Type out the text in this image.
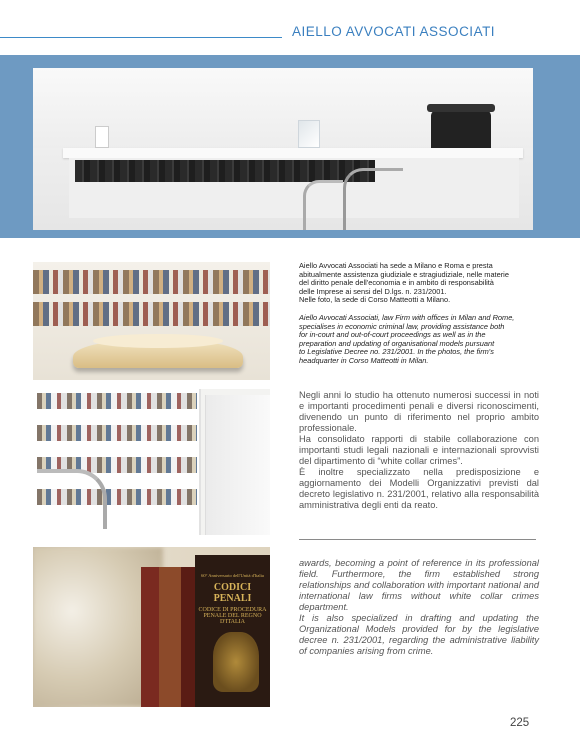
AIELLO AVVOCATI ASSOCIATI
60° Anniversario dell'Unità d'Italia
CODICI PENALI
CODICE DI PROCEDURA PENALE DEL REGNO D'ITALIA
Aiello Avvocati Associati ha sede a Milano e Roma e presta
abitualmente assistenza giudiziale e stragiudiziale, nelle materie
del diritto penale dell'economia e in ambito di responsabilità
delle Imprese ai sensi del D.lgs. n. 231/2001.
Nelle foto, la sede di Corso Matteotti a Milano.
Aiello Avvocati Associati, law Firm with offices in Milan and Rome,
specialises in economic criminal law, providing assistance both
for in-court and out-of-court proceedings as well as in the
preparation and updating of organisational models pursuant
to Legislative Decree no. 231/2001. In the photos, the firm's
headquarter in Corso Matteotti in Milan.

Negli anni lo studio ha ottenuto numerosi successi in noti e importanti procedimenti penali e diversi riconoscimenti, divenendo un punto di riferimento nel proprio ambito professionale.

Ha consolidato rapporti di stabile collaborazione con importanti studi legali nazionali e internazionali sprovvisti del dipartimento di “white collar crimes”.

È inoltre specializzato nella predisposizione e aggiornamento dei Modelli Organizzativi previsti dal decreto legislativo n. 231/2001, relativo alla responsabilità amministrativa degli enti da reato.

awards, becoming a point of reference in its professional field. Furthermore, the firm established strong relationships and collaboration with important national and international law firms without white collar crimes department.

It is also specialized in drafting and updating the Organizational Models provided for by the legislative decree n. 231/2001, regarding the administrative liability of companies arising from crime.

225
